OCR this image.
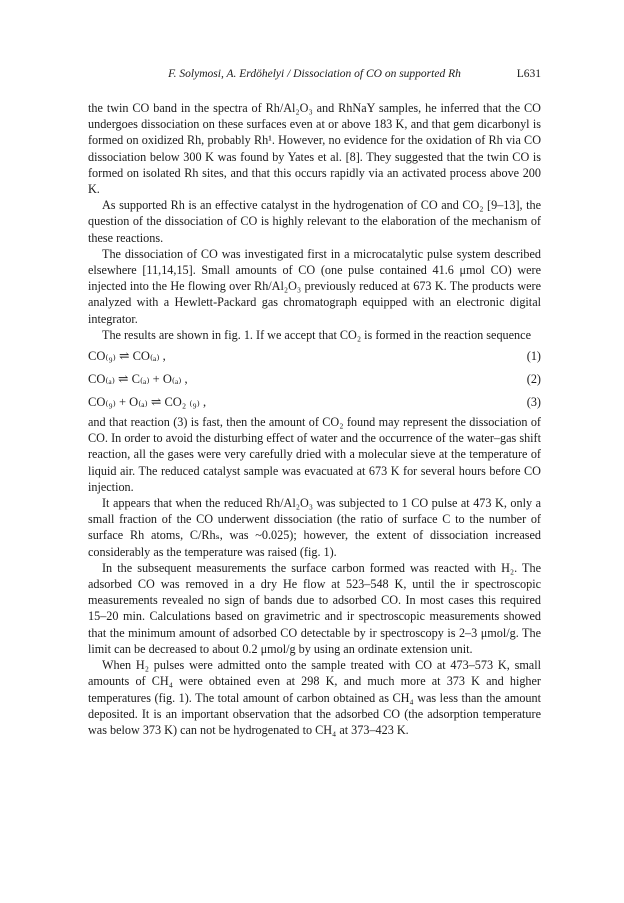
F. Solymosi, A. Erdöhelyi / Dissociation of CO on supported Rh	L631

the twin CO band in the spectra of Rh/Al₂O₃ and RhNaY samples, he inferred that the CO undergoes dissociation on these surfaces even at or above 183 K, and that gem dicarbonyl is formed on oxidized Rh, probably Rh¹. However, no evidence for the oxidation of Rh via CO dissociation below 300 K was found by Yates et al. [8]. They suggested that the twin CO is formed on isolated Rh sites, and that this occurs rapidly via an activated process above 200 K.

As supported Rh is an effective catalyst in the hydrogenation of CO and CO₂ [9–13], the question of the dissociation of CO is highly relevant to the elaboration of the mechanism of these reactions.

The dissociation of CO was investigated first in a microcatalytic pulse system described elsewhere [11,14,15]. Small amounts of CO (one pulse contained 41.6 μmol CO) were injected into the He flowing over Rh/Al₂O₃ previously reduced at 673 K. The products were analyzed with a Hewlett-Packard gas chromatograph equipped with an electronic digital integrator.

The results are shown in fig. 1. If we accept that CO₂ is formed in the reaction sequence

CO₍₉₎ ⇌ CO₍ₐ₎ ,	(1)
CO₍ₐ₎ ⇌ C₍ₐ₎ + O₍ₐ₎ ,	(2)
CO₍₉₎ + O₍ₐ₎ ⇌ CO₂ ₍₉₎ ,	(3)

and that reaction (3) is fast, then the amount of CO₂ found may represent the dissociation of CO. In order to avoid the disturbing effect of water and the occurrence of the water–gas shift reaction, all the gases were very carefully dried with a molecular sieve at the temperature of liquid air. The reduced catalyst sample was evacuated at 673 K for several hours before CO injection.

It appears that when the reduced Rh/Al₂O₃ was subjected to 1 CO pulse at 473 K, only a small fraction of the CO underwent dissociation (the ratio of surface C to the number of surface Rh atoms, C/Rhₛ, was ~0.025); however, the extent of dissociation increased considerably as the temperature was raised (fig. 1).

In the subsequent measurements the surface carbon formed was reacted with H₂. The adsorbed CO was removed in a dry He flow at 523–548 K, until the ir spectroscopic measurements revealed no sign of bands due to adsorbed CO. In most cases this required 15–20 min. Calculations based on gravimetric and ir spectroscopic measurements showed that the minimum amount of adsorbed CO detectable by ir spectroscopy is 2–3 μmol/g. The limit can be decreased to about 0.2 μmol/g by using an ordinate extension unit.

When H₂ pulses were admitted onto the sample treated with CO at 473–573 K, small amounts of CH₄ were obtained even at 298 K, and much more at 373 K and higher temperatures (fig. 1). The total amount of carbon obtained as CH₄ was less than the amount deposited. It is an important observation that the adsorbed CO (the adsorption temperature was below 373 K) can not be hydrogenated to CH₄ at 373–423 K.
